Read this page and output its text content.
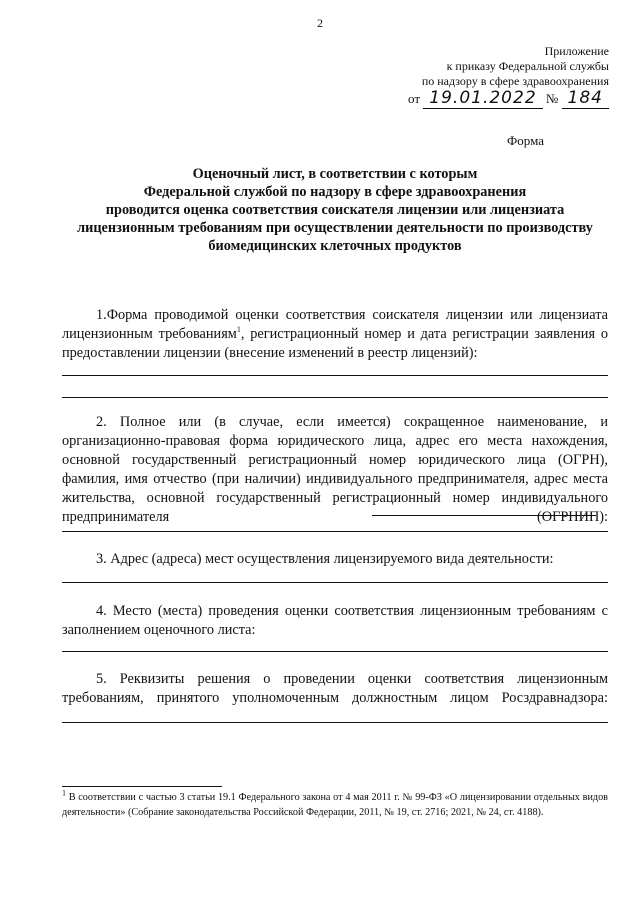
2
Приложение
к приказу Федеральной службы
по надзору в сфере здравоохранения
от 19.01.2022 № 184
Форма
Оценочный лист, в соответствии с которым
Федеральной службой по надзору в сфере здравоохранения
проводится оценка соответствия соискателя лицензии или лицензиата
лицензионным требованиям при осуществлении деятельности по производству
биомедицинских клеточных продуктов
1.Форма проводимой оценки соответствия соискателя лицензии или лицензиата лицензионным требованиям$^1$, регистрационный номер и дата регистрации заявления о предоставлении лицензии (внесение изменений в реестр лицензий):
2. Полное или (в случае, если имеется) сокращенное наименование, и организационно-правовая форма юридического лица, адрес его места нахождения, основной государственный регистрационный номер юридического лица (ОГРН), фамилия, имя отчество (при наличии) индивидуального предпринимателя, адрес места жительства, основной государственный регистрационный номер индивидуального предпринимателя (ОГРНИП):
3. Адрес (адреса) мест осуществления лицензируемого вида деятельности:
4. Место (места) проведения оценки соответствия лицензионным требованиям с заполнением оценочного листа:
5. Реквизиты решения о проведении оценки соответствия лицензионным требованиям, принятого уполномоченным должностным лицом Росздравнадзора:
$^1$ В соответствии с частью 3 статьи 19.1 Федерального закона от 4 мая 2011 г. № 99-ФЗ «О лицензировании отдельных видов деятельности» (Собрание законодательства Российской Федерации, 2011, № 19, ст. 2716; 2021, № 24, ст. 4188).
